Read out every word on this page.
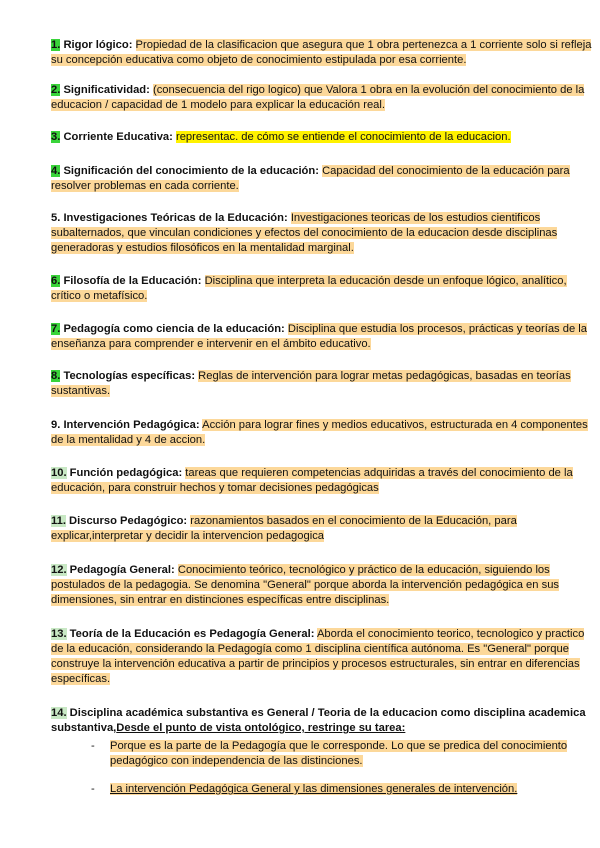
1. Rigor lógico: Propiedad de la clasificacion que asegura que 1 obra pertenezca a 1 corriente solo si refleja su concepción educativa como objeto de conocimiento estipulada por esa corriente.

2. Significatividad: (consecuencia del rigo logico) que Valora 1 obra en la evolución del conocimiento de la educacion / capacidad de 1 modelo para explicar la educación real.

3. Corriente Educativa: representac. de cómo se entiende el conocimiento de la educacion.

4. Significación del conocimiento de la educación: Capacidad del conocimiento de la educación para resolver problemas en cada corriente.

5. Investigaciones Teóricas de la Educación: Investigaciones teoricas de los estudios cientificos subalternados, que vinculan condiciones y efectos del conocimiento de la educacion desde disciplinas generadoras y estudios filosóficos en la mentalidad marginal.

6. Filosofía de la Educación: Disciplina que interpreta la educación desde un enfoque lógico, analítico, crítico o metafísico.

7. Pedagogía como ciencia de la educación: Disciplina que estudia los procesos, prácticas y teorías de la enseñanza para comprender e intervenir en el ámbito educativo.

8. Tecnologías específicas: Reglas de intervención para lograr metas pedagógicas, basadas en teorías sustantivas.

9. Intervención Pedagógica: Acción para lograr fines y medios educativos, estructurada en 4 componentes de la mentalidad y 4 de accion.

10. Función pedagógica: tareas que requieren competencias adquiridas a través del conocimiento de la educación, para construir hechos y tomar decisiones pedagógicas

11. Discurso Pedagógico: razonamientos basados en el conocimiento de la Educación, para explicar,interpretar y decidir la intervencion pedagogica

12. Pedagogía General: Conocimiento teórico, tecnológico y práctico de la educación, siguiendo los postulados de la pedagogia. Se denomina "General" porque aborda la intervención pedagógica en sus dimensiones, sin entrar en distinciones específicas entre disciplinas.

13. Teoría de la Educación es Pedagogía General: Aborda el conocimiento teorico, tecnologico y practico de la educación, considerando la Pedagogía como 1 disciplina científica autónoma. Es "General" porque construye la intervención educativa a partir de principios y procesos estructurales, sin entrar en diferencias específicas.

14. Disciplina académica substantiva es General / Teoria de la educacion como disciplina academica substantiva,Desde el punto de vista ontológico, restringe su tarea:

-	Porque es la parte de la Pedagogía que le corresponde. Lo que se predica del conocimiento pedagógico con independencia de las distinciones.

-	La intervención Pedagógica General y las dimensiones generales de intervención.
